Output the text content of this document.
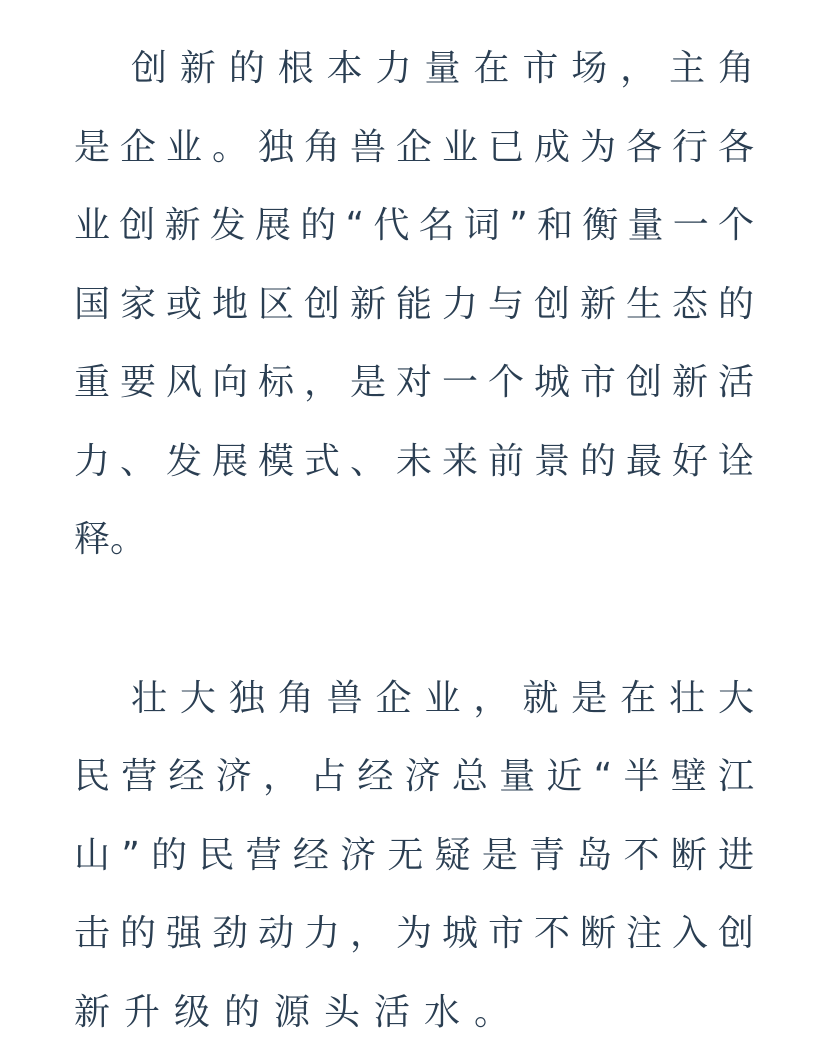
创新的根本力量在市场，主角
是企业。独角兽企业已成为各行各
业创新发展的“代名词”和衡量一个
国家或地区创新能力与创新生态的
重要风向标，是对一个城市创新活
力、发展模式、未来前景的最好诠
释。
壮大独角兽企业，就是在壮大
民营经济，占经济总量近“半壁江
山”的民营经济无疑是青岛不断进
击的强劲动力，为城市不断注入创
新升级的源头活水。
